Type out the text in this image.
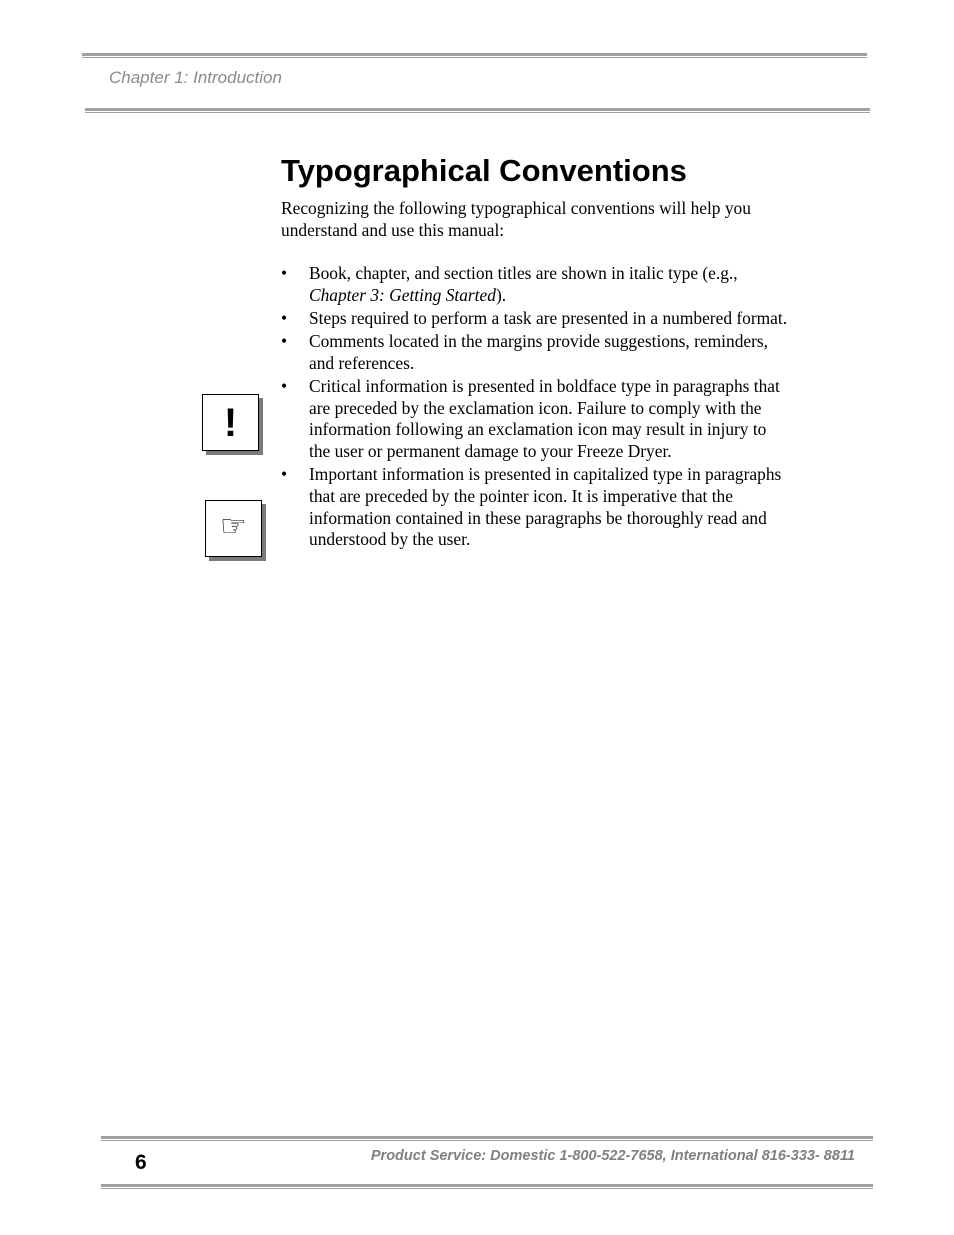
Chapter 1: Introduction
Typographical Conventions

Recognizing the following typographical conventions will help you understand and use this manual:

• Book, chapter, and section titles are shown in italic type (e.g., Chapter 3: Getting Started).
• Steps required to perform a task are presented in a numbered format.
• Comments located in the margins provide suggestions, reminders, and references.
• Critical information is presented in boldface type in paragraphs that are preceded by the exclamation icon. Failure to comply with the information following an exclamation icon may result in injury to the user or permanent damage to your Freeze Dryer.
• Important information is presented in capitalized type in paragraphs that are preceded by the pointer icon. It is imperative that the information contained in these paragraphs be thoroughly read and understood by the user.
!
☞
6	Product Service: Domestic 1-800-522-7658, International 816-333- 8811
